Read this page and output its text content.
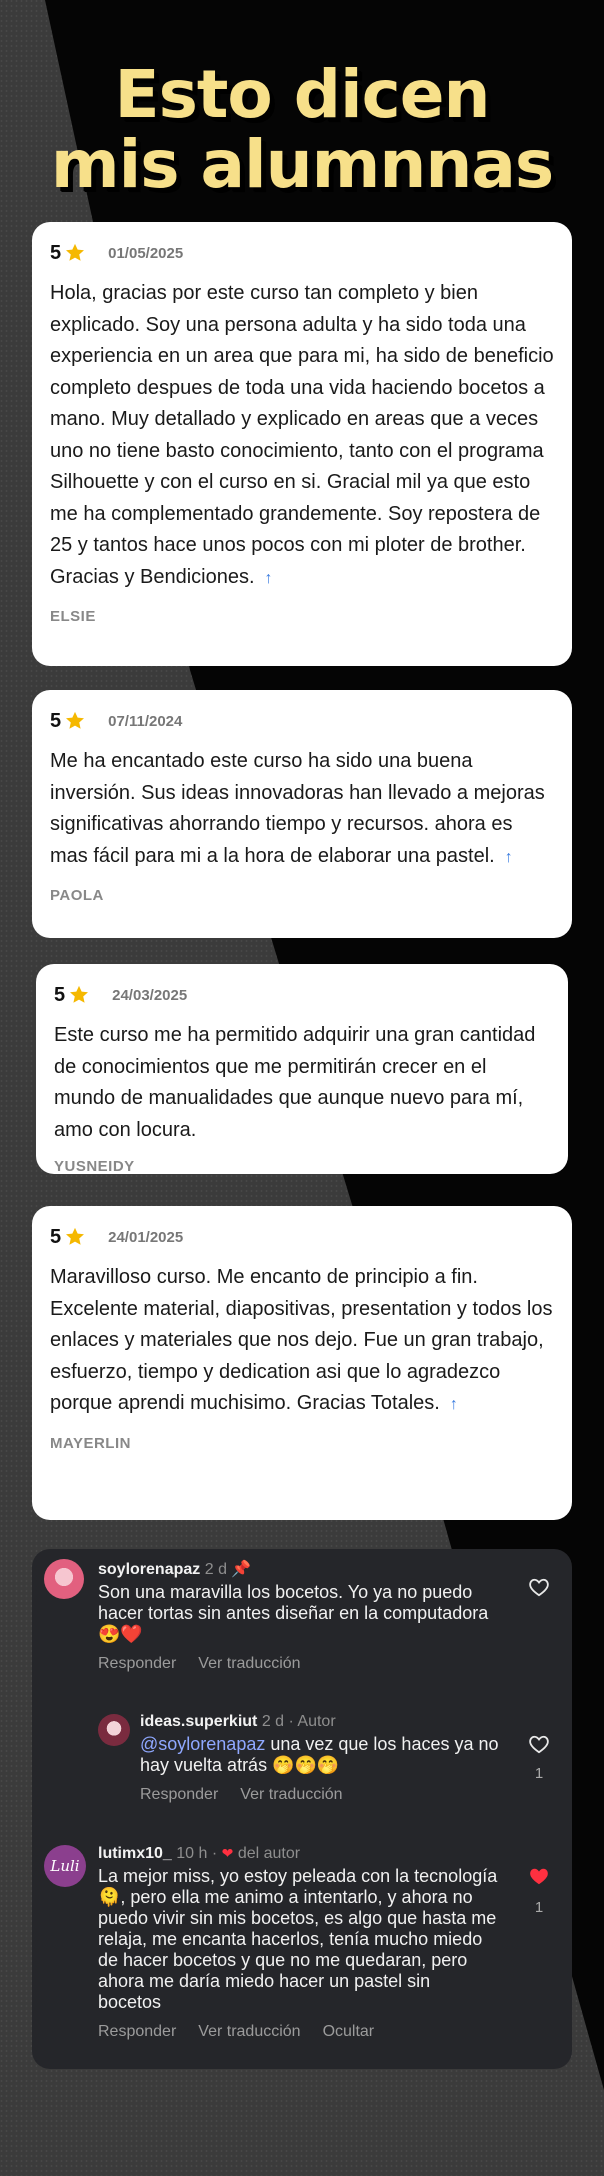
Esto dicen
mis alumnnas
5	01/05/2025
Hola, gracias por este curso tan completo y bien explicado. Soy una persona adulta y ha sido toda una experiencia en un area que para mi, ha sido de beneficio completo despues de toda una vida haciendo bocetos a mano. Muy detallado y explicado en areas que a veces uno no tiene basto conocimiento, tanto con el programa Silhouette y con el curso en si. Gracial mil ya que esto me ha complementado grandemente. Soy repostera de 25 y tantos hace unos pocos con mi ploter de brother. Gracias y Bendiciones. ↑
ELSIE
5	07/11/2024
Me ha encantado este curso ha sido una buena inversión. Sus ideas innovadoras han llevado a mejoras significativas ahorrando tiempo y recursos. ahora es mas fácil para mi a la hora de elaborar una pastel. ↑
PAOLA
5	24/03/2025
Este curso me ha permitido adquirir una gran cantidad de conocimientos que me permitirán crecer en el mundo de manualidades que aunque nuevo para mí, amo con locura.
YUSNEIDY
5	24/01/2025
Maravilloso curso. Me encanto de principio a fin. Excelente material, diapositivas, presentation y todos los enlaces y materiales que nos dejo. Fue un gran trabajo, esfuerzo, tiempo y dedication asi que lo agradezco porque aprendi muchisimo. Gracias Totales. ↑
MAYERLIN
soylorenapaz 2 d 📌
Son una maravilla los bocetos. Yo ya no puedo hacer tortas sin antes diseñar en la computadora 😍❤️
Responder Ver traducción
ideas.superkiut 2 d · Autor
@soylorenapaz una vez que los haces ya no hay vuelta atrás 🤭🤭🤭
Responder Ver traducción
1
Luli
lutimx10_ 10 h · ❤ del autor
La mejor miss, yo estoy peleada con la tecnología 🫠, pero ella me animo a intentarlo, y ahora no puedo vivir sin mis bocetos, es algo que hasta me relaja, me encanta hacerlos, tenía mucho miedo de hacer bocetos y que no me quedaran, pero ahora me daría miedo hacer un pastel sin bocetos
Responder Ver traducción Ocultar
1
